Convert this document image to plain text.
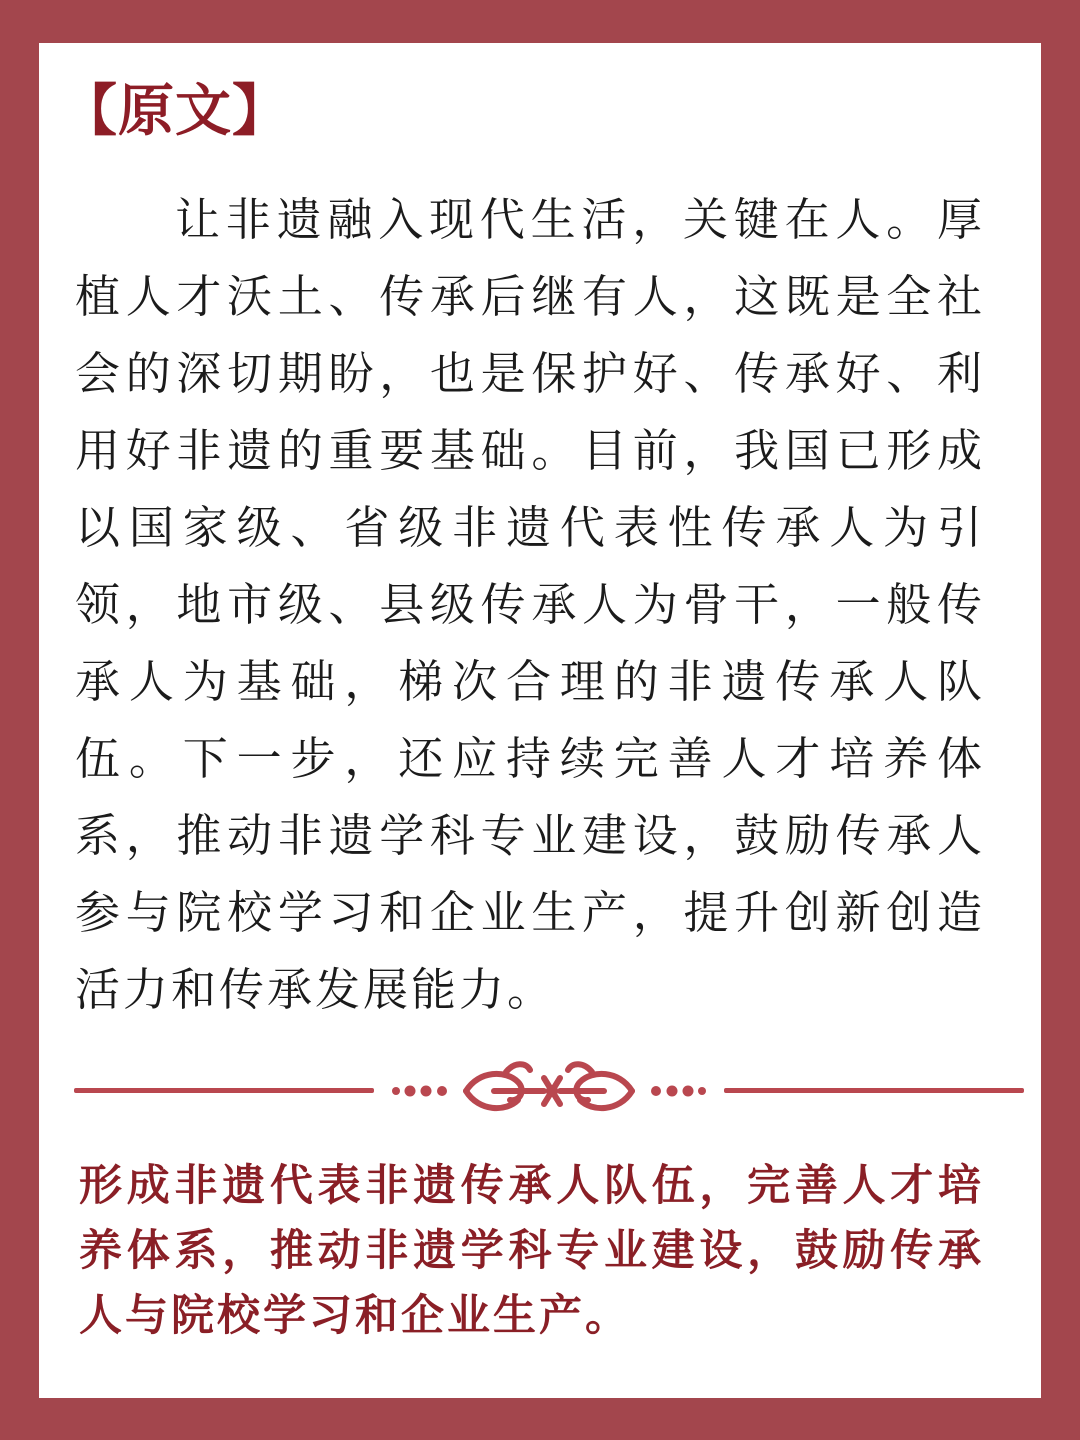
【原文】

让非遗融入现代生活，关键在人。厚植人才沃土、传承后继有人，这既是全社会的深切期盼，也是保护好、传承好、利用好非遗的重要基础。目前，我国已形成以国家级、省级非遗代表性传承人为引领，地市级、县级传承人为骨干，一般传承人为基础，梯次合理的非遗传承人队伍。下一步，还应持续完善人才培养体系，推动非遗学科专业建设，鼓励传承人参与院校学习和企业生产，提升创新创造活力和传承发展能力。

形成非遗代表非遗传承人队伍，完善人才培养体系，推动非遗学科专业建设，鼓励传承人与院校学习和企业生产。
